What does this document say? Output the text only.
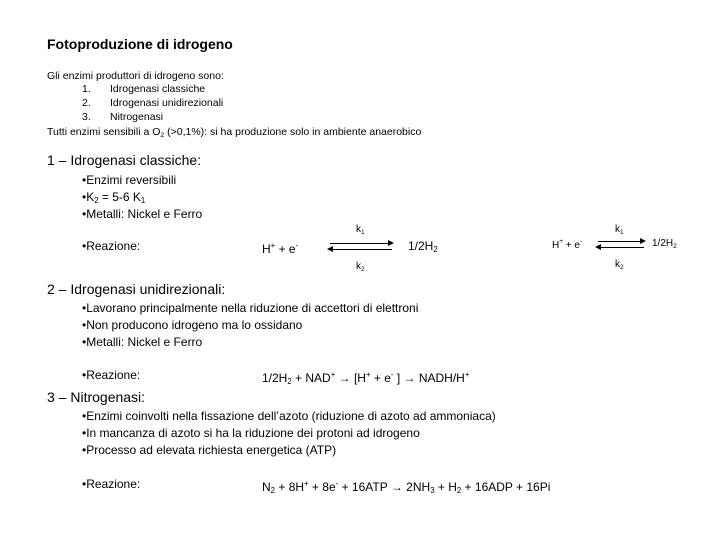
Fotoproduzione di idrogeno
Gli enzimi produttori di idrogeno sono:
1. Idrogenasi classiche
2. Idrogenasi unidirezionali
3. Nitrogenasi
Tutti enzimi sensibili a $O_2$ (>0,1%): si ha produzione solo in ambiente anaerobico
1 – Idrogenasi classiche:
•Enzimi reversibili
$•K_2 = 5-6$ $K_1$
•Metalli: Nickel e Ferro
•Reazione:	H+ + e-
$k_1$
$k_2$
$1/2H_2$	H+ + e-
$k_1$
$k_2$
$1/2H_2$
2 – Idrogenasi unidirezionali:
•Lavorano principalmente nella riduzione di accettori di elettroni
•Non producono idrogeno ma lo ossidano
•Metalli: Nickel e Ferro
•Reazione:	$1/2H_2 + NAD^+ \to [H^+ + e^-$ ] → NADH/H+
3 – Nitrogenasi:
•Enzimi coinvolti nella fissazione dell’azoto (riduzione di azoto ad ammoniaca)
•In mancanza di azoto si ha la riduzione dei protoni ad idrogeno
•Processo ad elevata richiesta energetica (ATP)
•Reazione:	$N_2 + 8H^+ + 8e^- + 16ATP \to 2NH_3 + H_2 + 16ADP + 16Pi$
